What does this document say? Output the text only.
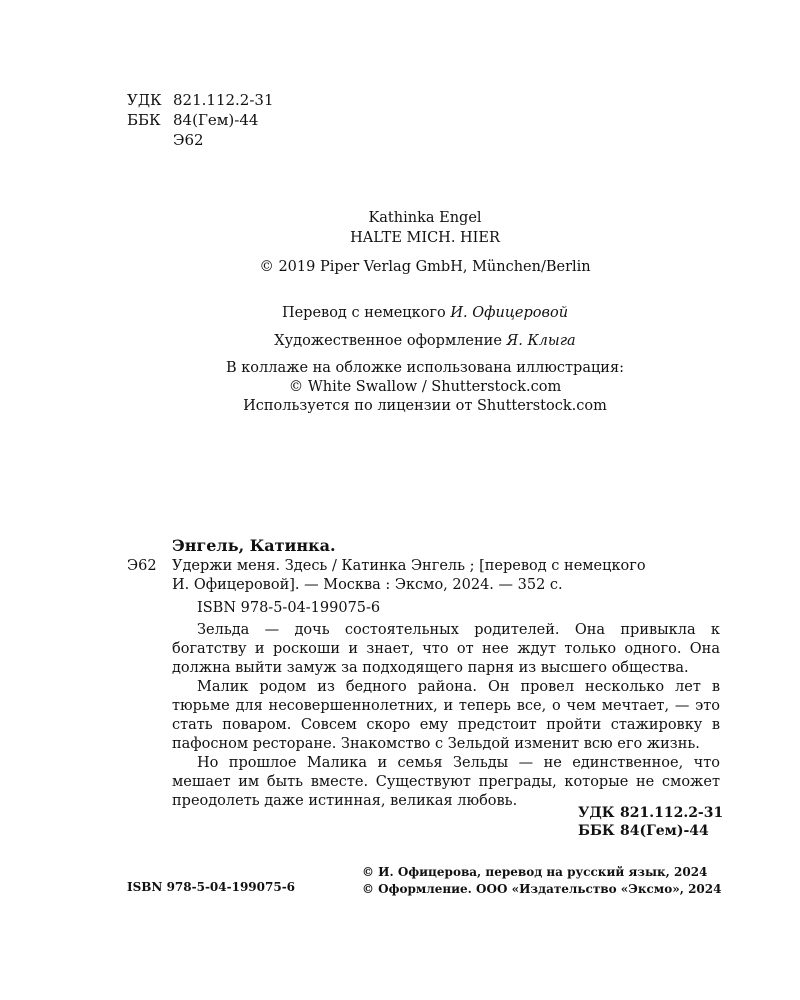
УДК 821.112.2-31
ББК 84(Гем)-44
Э62
Kathinka Engel
HALTE MICH. HIER
© 2019 Piper Verlag GmbH, München/Berlin
Перевод с немецкого И. Офицеровой
Художественное оформление Я. Клыга
В коллаже на обложке использована иллюстрация:
© White Swallow / Shutterstock.com
Используется по лицензии от Shutterstock.com
Энгель, Катинка.
Э62 Удержи меня. Здесь / Катинка Энгель ; [перевод с немецкого
И. Офицеровой]. — Москва : Эксмо, 2024. — 352 с.
ISBN 978-5-04-199075-6

Зельда — дочь состоятельных родителей. Она привыкла к богатству и роскоши и знает, что от нее ждут только одного. Она должна выйти замуж за подходящего парня из высшего общества.

Малик родом из бедного района. Он провел несколько лет в тюрьме для несовершеннолетних, и теперь все, о чем мечтает, — это стать поваром. Совсем скоро ему предстоит пройти стажировку в пафосном ресторане. Знакомство с Зельдой изменит всю его жизнь.

Но прошлое Малика и семья Зельды — не единственное, что мешает им быть вместе. Существуют преграды, которые не сможет преодолеть даже истинная, великая любовь.

УДК 821.112.2-31
ББК 84(Гем)-44
ISBN 978-5-04-199075-6
© И. Офицерова, перевод на русский язык, 2024
© Оформление. ООО «Издательство «Эксмо», 2024
